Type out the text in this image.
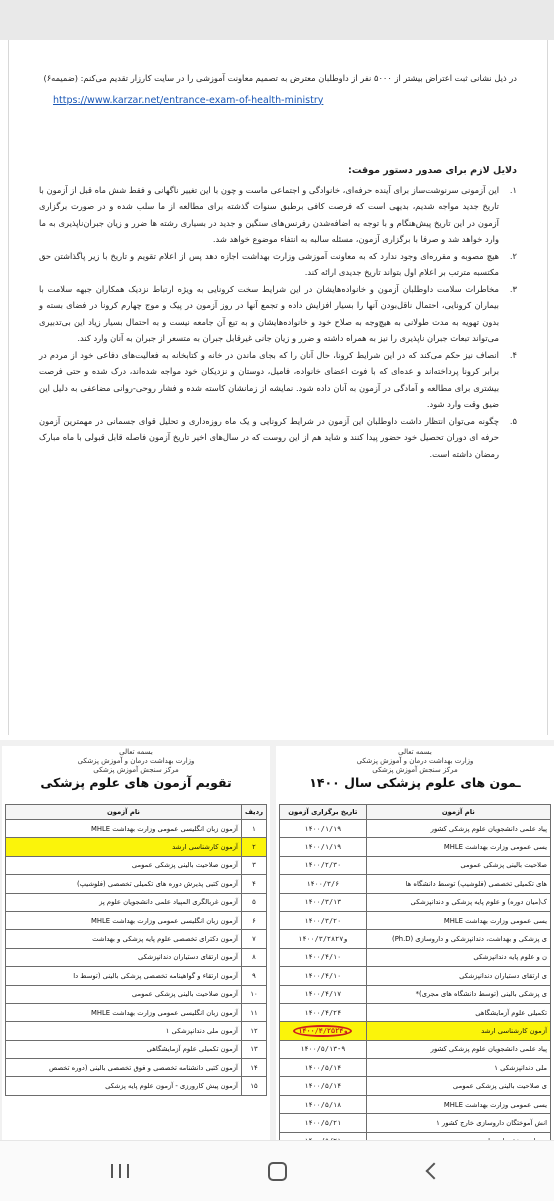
در ذیل نشانی ثبت اعتراض بیشتر از ۵۰۰۰ نفر از داوطلبان معترض به تصمیم معاونت آموزشی را در سایت کارزار تقدیم می‌کنم: (ضمیمه۶)

https://www.karzar.net/entrance-exam-of-health-ministry

دلایل لازم برای صدور دستور موقت:

۱.
این آزمونی سرنوشت‌ساز برای آینده حرفه‌ای، خانوادگی و اجتماعی ماست و چون با این تغییر ناگهانی و فقط شش ماه قبل از آزمون با تاریخ جدید مواجه شدیم، بدیهی است که فرصت کافی برطبق سنوات گذشته برای مطالعه از ما سلب شده و در صورت برگزاری آزمون در این تاریخ پیش‌هنگام و با توجه به اضافه‌شدن رفرنس‌های سنگین و جدید در بسیاری رشته ها ضرر و زیان جبران‌ناپذیری به ما وارد خواهد شد و صرفا با برگزاری آزمون، مسئله سالبه به انتفاء موضوع خواهد شد.
۲.
هیچ مصوبه و مقرره‌ای وجود ندارد که به معاونت آموزشی وزارت بهداشت اجازه دهد پس از اعلام تقویم و تاریخ با زیر پاگذاشتن حق مکتسبه مترتب بر اعلام اول بتواند تاریخ جدیدی ارائه کند.
۳.
مخاطرات سلامت داوطلبان آزمون و خانواده‌هایشان در این شرایط سخت کرونایی به ویژه ارتباط نزدیک همکاران جبهه سلامت با بیماران کرونایی، احتمال ناقل‌بودن آنها را بسیار افزایش داده و تجمع آنها در روز آزمون در پیک و موج چهارم کرونا در فضای بسته و بدون تهویه به مدت طولانی به هیچ‌وجه به صلاح خود و خانواده‌هایشان و به تبع آن جامعه نیست و به احتمال بسیار زیاد این بی‌تدبیری می‌تواند تبعات جبران ناپذیری را نیز به همراه داشته و ضرر و زیان جانی غیرقابل جبران به متسعر از جبران به آنان وارد کند.
۴.
انصاف نیز حکم می‌کند که در این شرایط کرونا، حال آنان را که بجای ماندن در خانه و کتابخانه به فعالیت‌های دفاعی خود از مردم در برابر کرونا پرداخته‌اند و عده‌ای که با فوت اعضای خانواده، فامیل، دوستان و نزدیکان خود مواجه شده‌اند، درک شده و حتی فرصت بیشتری برای مطالعه و آمادگی در آزمون به آنان داده شود. نمایشه از زمانشان کاسته شده و فشار روحی-روانی مضاعفی به دلیل این ضیق وقت وارد شود.
۵.
چگونه می‌توان انتظار داشت داوطلبان این آزمون در شرایط کرونایی و یک ماه روزه‌داری و تحلیل قوای جسمانی در مهمترین آزمون حرفه ای دوران تحصیل خود حضور پیدا کنند و شاید هم از این روست که در سال‌های اخیر تاریخ آزمون فاصله قابل قبولی با ماه مبارک رمضان داشته است.
بسمه تعالی
وزارت بهداشت درمان و آموزش پزشکی
مرکز سنجش آموزش پزشکی
تقویم آزمون های علوم پزشکی
ردیف	نام آزمون
۱	آزمون زبان انگلیسی عمومی وزارت بهداشت MHLE
۲	آزمون کارشناسی ارشد
۳	آزمون صلاحیت بالینی پزشکی عمومی
۴	آزمون کتبی پذیرش دوره های تکمیلی تخصصی (فلوشیپ)
۵	آزمون غربالگری المپیاد علمی دانشجویان علوم پز
۶	آزمون زبان انگلیسی عمومی وزارت بهداشت MHLE
۷	آزمون دکترای تخصصی علوم پایه پزشکی و بهداشت
۸	آزمون ارتقای دستیاران دندانپزشکی
۹	آزمون ارتقاء و گواهینامه تخصصی پزشکی بالینی (توسط دا
۱۰	آزمون صلاحیت بالینی پزشکی عمومی
۱۱	آزمون زبان انگلیسی عمومی وزارت بهداشت MHLE
۱۲	آزمون ملی دندانپزشکی ۱
۱۳	آزمون تکمیلی علوم آزمایشگاهی
۱۴	آزمون کتبی دانشنامه تخصصی و فوق تخصصی بالینی (دوره تخصص
۱۵	آزمون پیش کارورزی - آزمون علوم پایه پزشکی
بسمه تعالی
وزارت بهداشت درمان و آموزش پزشکی
مرکز سنجش آموزش پزشکی
ـمون های علوم پزشکی سال ۱۴۰۰
نام آزمون	تاریخ برگزاری آزمون
پیاد علمی دانشجویان علوم پزشکی کشور	۱۴۰۰/۱/۱۹
یسی عمومی وزارت بهداشت MHLE	۱۴۰۰/۱/۱۹
صلاحیت بالینی پزشکی عمومی	۱۴۰۰/۲/۳۰
های تکمیلی تخصصی (فلوشیپ) توسط دانشگاه ها	۱۴۰۰/۳/۶
ک(میان دوره) و علوم پایه پزشکی و دندانپزشکی	۱۴۰۰/۳/۱۳
یسی عمومی وزارت بهداشت MHLE	۱۴۰۰/۳/۲۰
ی پزشکی و بهداشت، دندانپزشکی و داروسازی (Ph.D)	۱۴۰۰/۳/۲۸و۲۷
ن و علوم پایه دندانپزشکی	۱۴۰۰/۴/۱۰
ی ارتقای دستیاران دندانپزشکی	۱۴۰۰/۴/۱۰
ی پزشکی بالینی (توسط دانشگاه های مجری)*	۱۴۰۰/۴/۱۷
تکمیلی علوم آزمایشگاهی	۱۴۰۰/۴/۲۴
آزمون کارشناسی ارشد	۱۴۰۰/۴/۲۵و۲۴
پیاد علمی دانشجویان علوم پزشکی کشور	۱۴۰۰/۵/۱۳-۹
ملی دندانپزشکی ۱	۱۴۰۰/۵/۱۴
ی صلاحیت بالینی پزشکی عمومی	۱۴۰۰/۵/۱۴
یسی عمومی وزارت بهداشت MHLE	۱۴۰۰/۵/۱۸
انش آموختگان داروسازی خارج کشور ۱	۱۴۰۰/۵/۲۱
